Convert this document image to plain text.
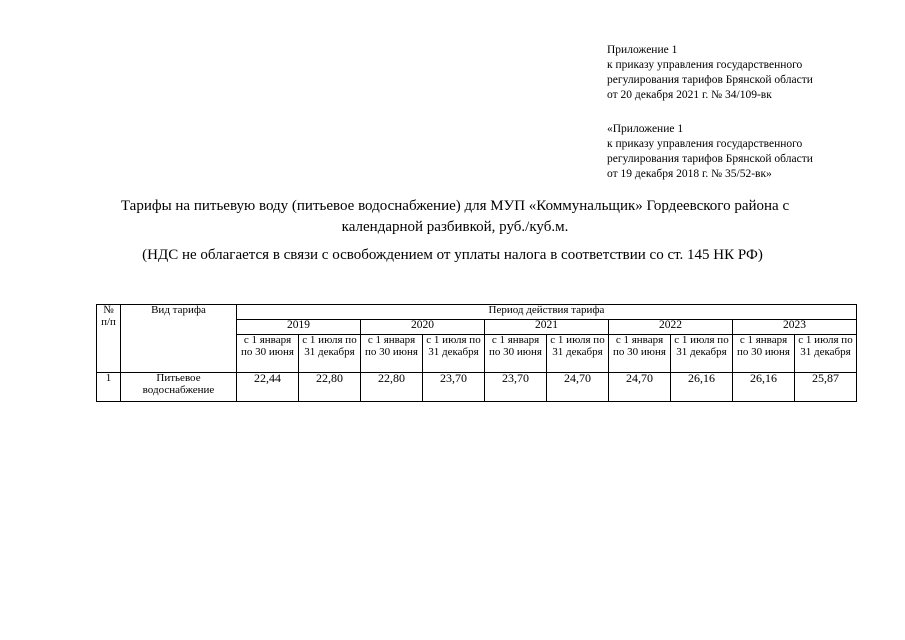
Приложение 1
к приказу управления государственного
регулирования тарифов Брянской области
от 20 декабря 2021 г. № 34/109-вк
«Приложение 1
к приказу управления государственного
регулирования тарифов Брянской области
от 19 декабря 2018 г. № 35/52-вк»
Тарифы на питьевую воду (питьевое водоснабжение) для МУП «Коммунальщик» Гордеевского района с
календарной разбивкой, руб./куб.м.
(НДС не облагается в связи с освобождением от уплаты налога в соответствии со ст. 145 НК РФ)
№ п/п	Вид тарифа	Период действия тарифа									
		2019		2020		2021		2022		2023	
		с 1 января по 30 июня	с 1 июля по 31 декабря	с 1 января по 30 июня	с 1 июля по 31 декабря	с 1 января по 30 июня	с 1 июля по 31 декабря	с 1 января по 30 июня	с 1 июля по 31 декабря	с 1 января по 30 июня	с 1 июля по 31 декабря
1	Питьевое водоснабжение	22,44	22,80	22,80	23,70	23,70	24,70	24,70	26,16	26,16	25,87
